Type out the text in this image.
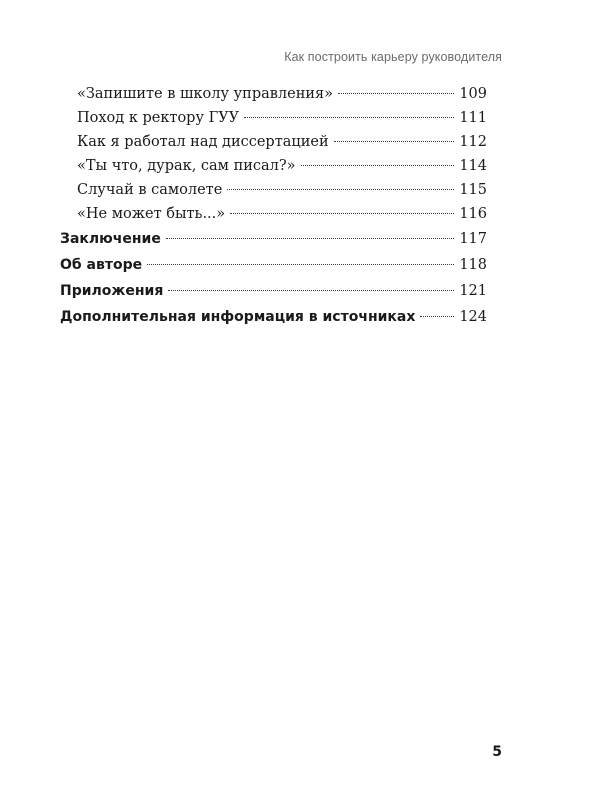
Как построить карьеру руководителя
«Запишите в школу управления»	109
Поход к ректору ГУУ	111
Как я работал над диссертацией	112
«Ты что, дурак, сам писал?»	114
Случай в самолете	115
«Не может быть...»	116
Заключение	117
Об авторе	118
Приложения	121
Дополнительная информация в источниках	124
5
